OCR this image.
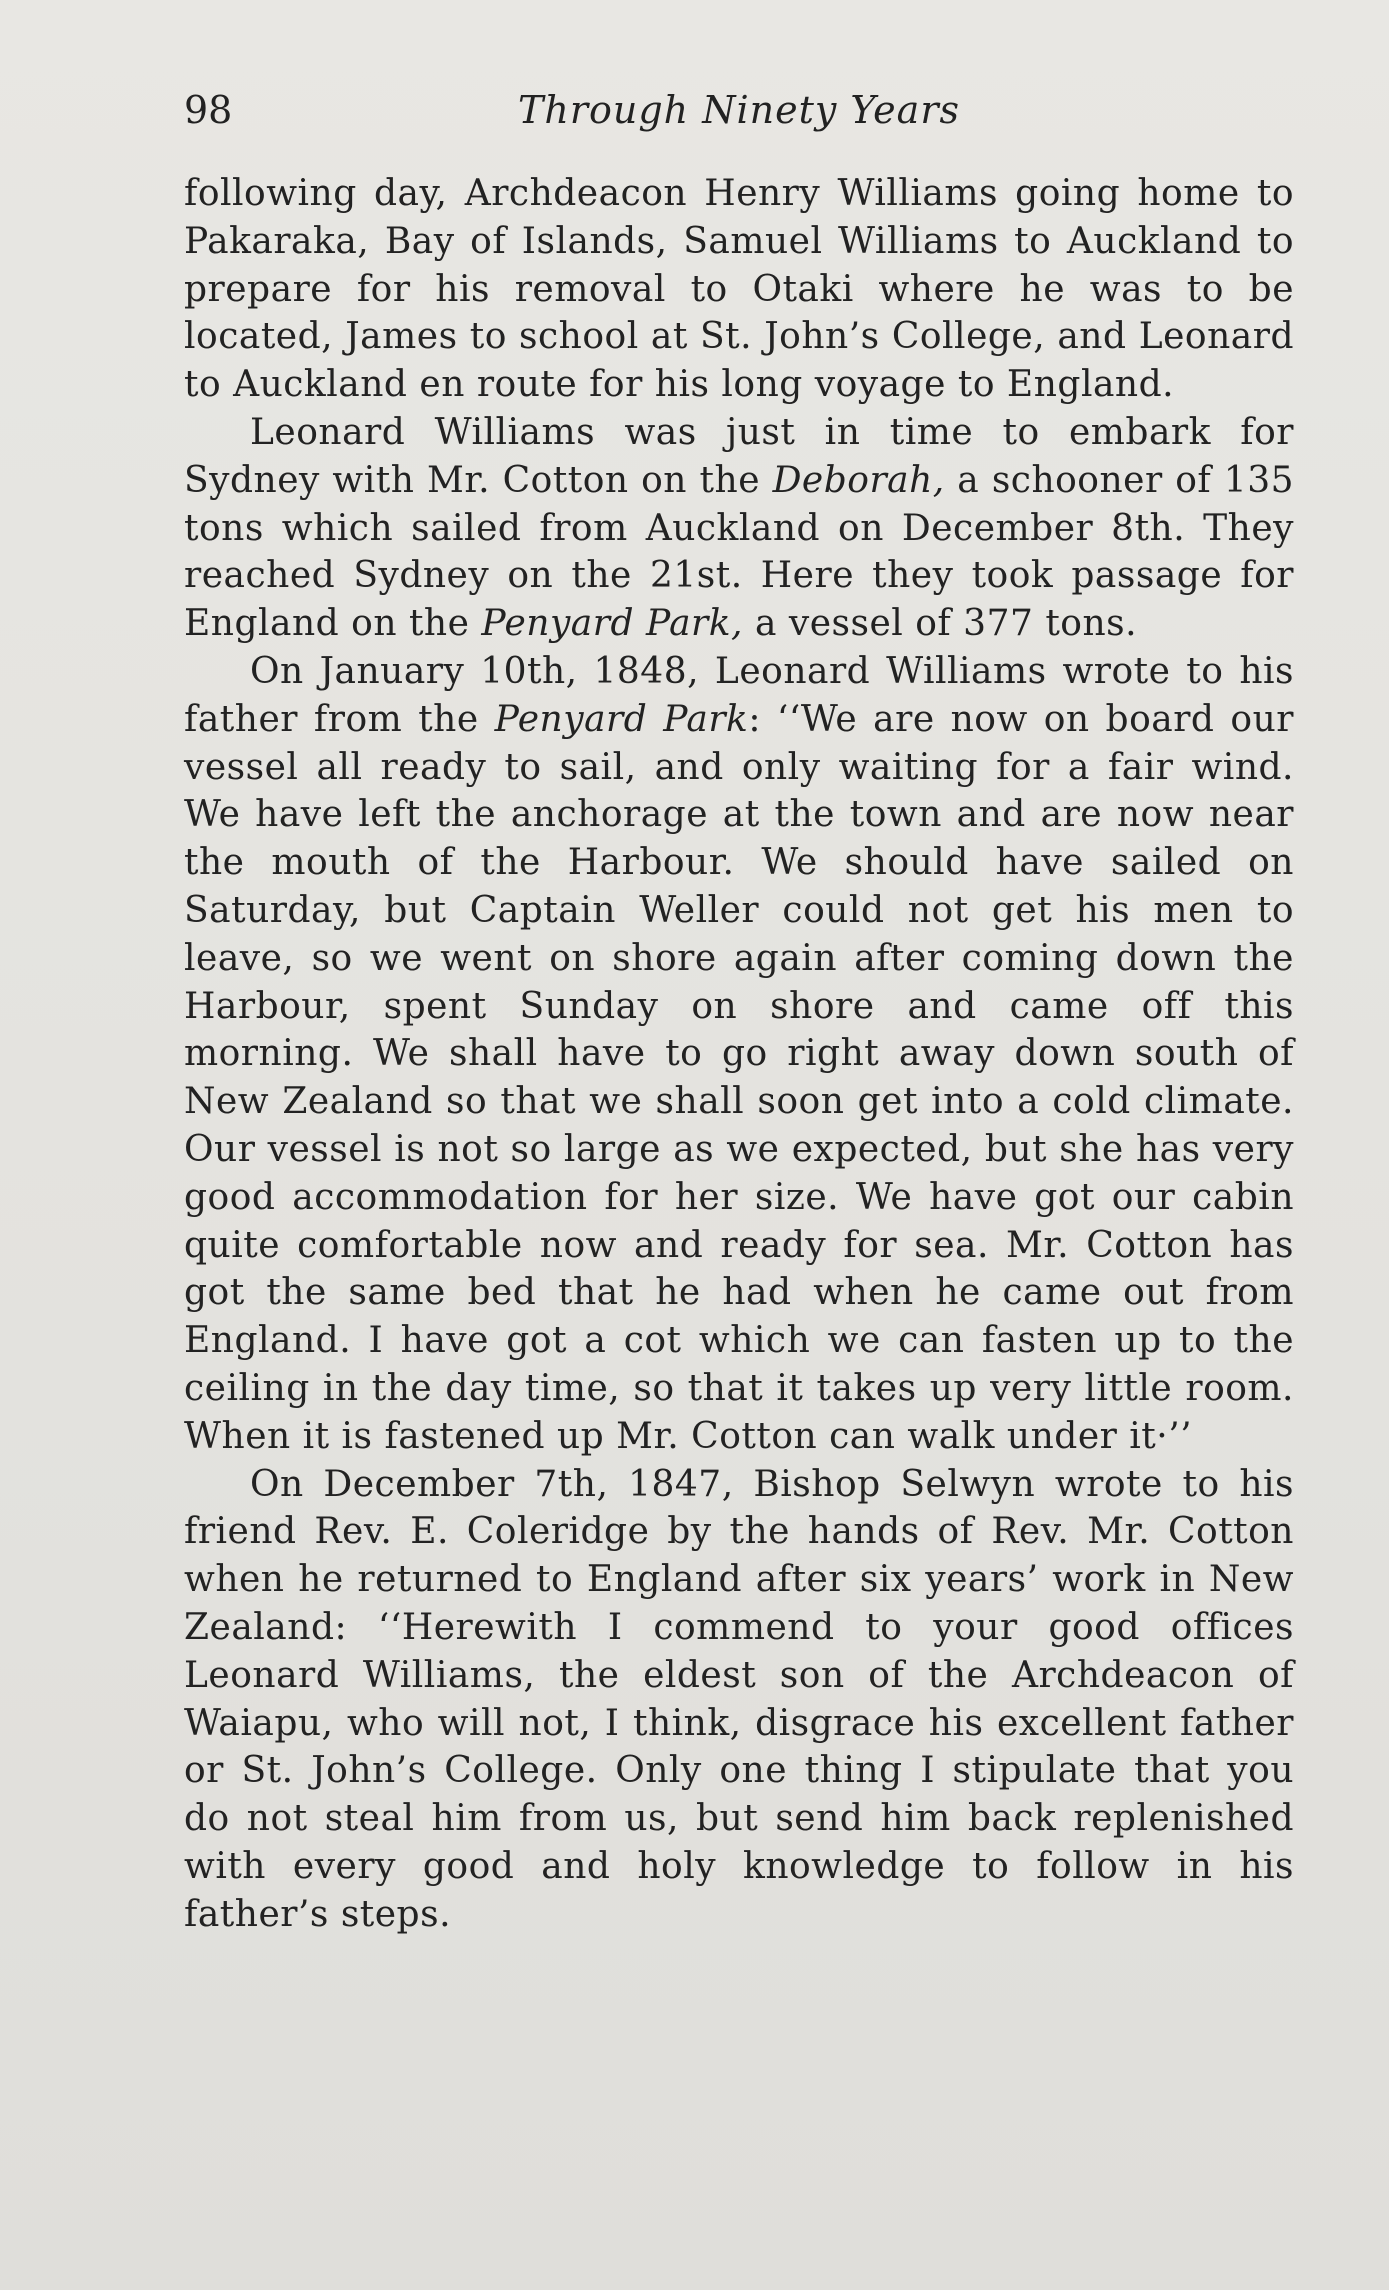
98	Through Ninety Years

following day, Archdeacon Henry Williams going home to Pakaraka, Bay of Islands, Samuel Williams to Auckland to prepare for his removal to Otaki where he was to be located, James to school at St. John’s College, and Leonard to Auckland en route for his long voyage to England.

Leonard Williams was just in time to embark for Sydney with Mr. Cotton on the Deborah, a schooner of 135 tons which sailed from Auckland on December 8th. They reached Sydney on the 21st. Here they took passage for England on the Penyard Park, a vessel of 377 tons.

On January 10th, 1848, Leonard Williams wrote to his father from the Penyard Park: ‘‘We are now on board our vessel all ready to sail, and only waiting for a fair wind. We have left the anchorage at the town and are now near the mouth of the Harbour. We should have sailed on Saturday, but Captain Weller could not get his men to leave, so we went on shore again after coming down the Harbour, spent Sunday on shore and came off this morning. We shall have to go right away down south of New Zealand so that we shall soon get into a cold climate. Our vessel is not so large as we expected, but she has very good accommodation for her size. We have got our cabin quite comfortable now and ready for sea. Mr. Cotton has got the same bed that he had when he came out from England. I have got a cot which we can fasten up to the ceiling in the day time, so that it takes up very little room. When it is fastened up Mr. Cotton can walk under it·’’

On December 7th, 1847, Bishop Selwyn wrote to his friend Rev. E. Coleridge by the hands of Rev. Mr. Cotton when he returned to England after six years’ work in New Zealand: ‘‘Herewith I commend to your good offices Leonard Williams, the eldest son of the Archdeacon of Waiapu, who will not, I think, disgrace his excellent father or St. John’s College. Only one thing I stipulate that you do not steal him from us, but send him back replenished with every good and holy knowledge to follow in his father’s steps.
